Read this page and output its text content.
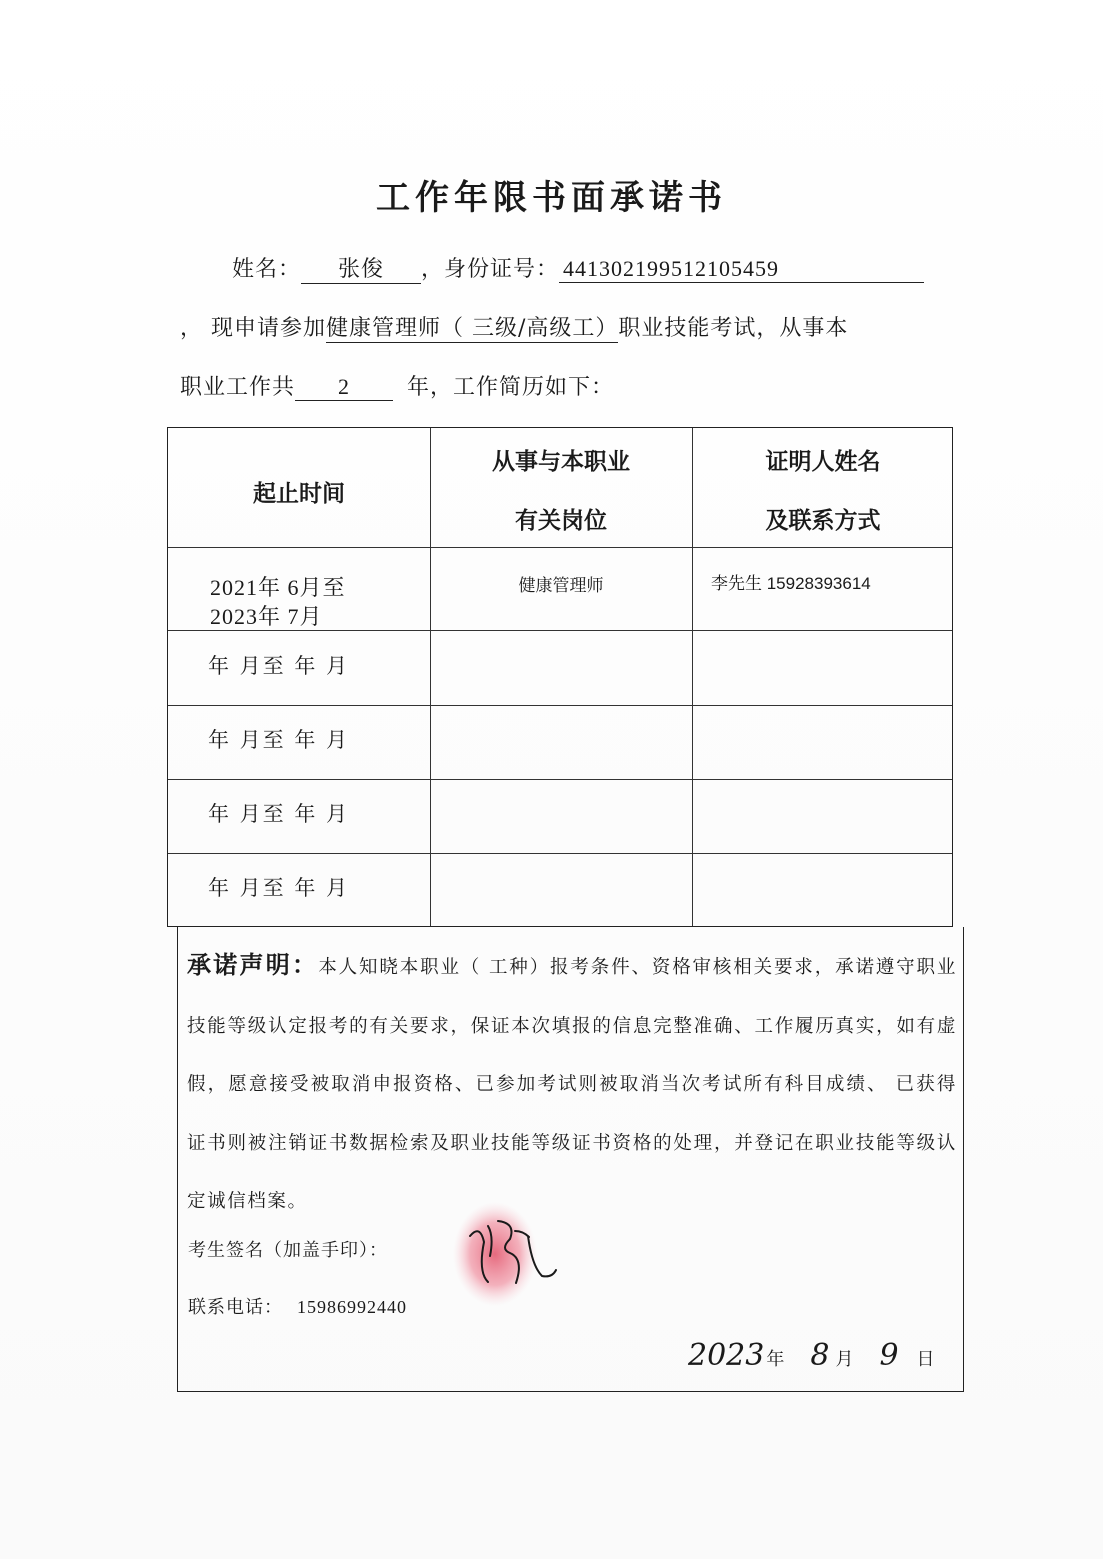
工作年限书面承诺书
姓名： 张俊 ，身份证号： 441302199512105459
， 现申请参加健康管理师（ 三级/高级工）职业技能考试，从事本
职业工作共 2	年，工作简历如下：
起止时间
从事与本职业
有关岗位
证明人姓名
及联系方式
2021年 6月至
2023年 7月
健康管理师	李先生 15928393614
年 月至 年 月
年 月至 年 月
年 月至 年 月
年 月至 年 月
承诺声明：本人知晓本职业（ 工种）报考条件、资格审核相关要求，承诺遵守职业技能等级认定报考的有关要求，保证本次填报的信息完整准确、工作履历真实，如有虚假，愿意接受被取消申报资格、已参加考试则被取消当次考试所有科目成绩、 已获得证书则被注销证书数据检索及职业技能等级证书资格的处理，并登记在职业技能等级认定诚信档案。
考生签名（加盖手印）：
联系电话： 15986992440
2023 年 8 月 9 日
